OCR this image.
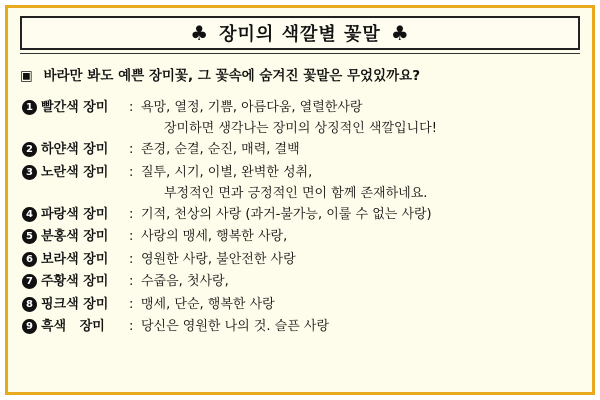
♣ 장미의 색깔별 꽃말 ♣
▣ 바라만 봐도 예쁜 장미꽃, 그 꽃속에 숨겨진 꽃말은 무었있까요?
1 빨간색 장미 : 욕망, 열정, 기쁨, 아름다움, 열렬한사랑
장미하면 생각나는 장미의 상징적인 색깔입니다!
2 하얀색 장미 : 존경, 순결, 순진, 매력, 결백
3 노란색 장미 : 질투, 시기, 이별, 완벽한 성취,
부정적인 면과 긍정적인 면이 함께 존재하네요.
4 파랑색 장미 : 기적, 천상의 사랑 (과거-불가능, 이룰 수 없는 사랑)
5 분홍색 장미 : 사랑의 맹세, 행복한 사랑,
6 보라색 장미 : 영원한 사랑, 불안전한 사랑
7 주황색 장미 : 수줍음, 첫사랑,
8 핑크색 장미 : 맹세, 단순, 행복한 사랑
9 흑색   장미 : 당신은 영원한 나의 것. 슬픈 사랑
